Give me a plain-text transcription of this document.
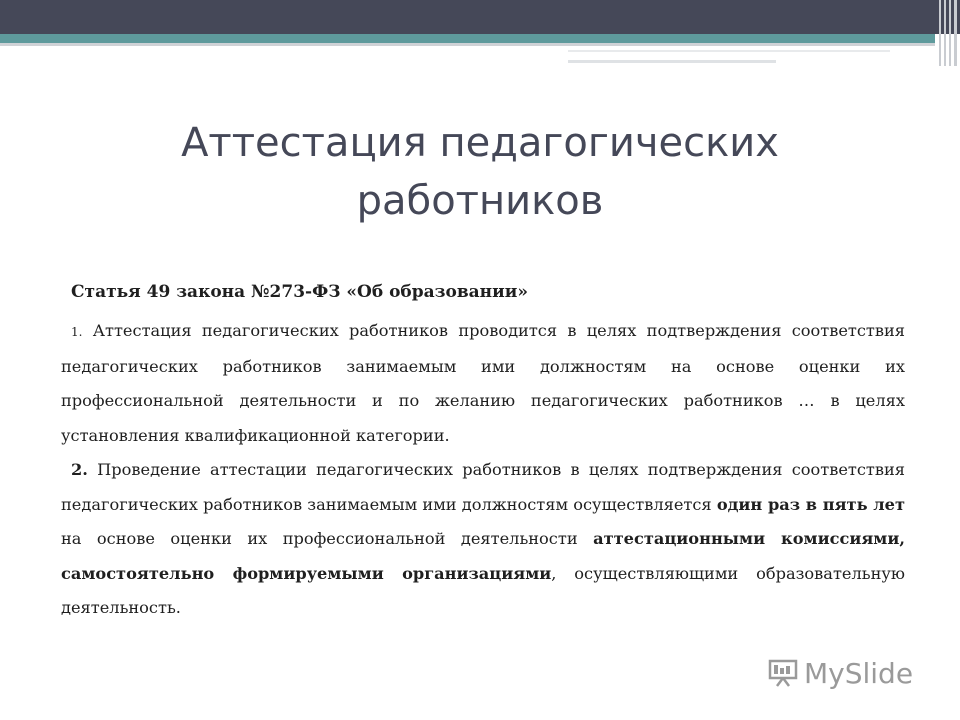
Аттестация педагогических работников

Статья 49 закона №273-ФЗ «Об образовании»

1. Аттестация педагогических работников проводится в целях подтверждения соответствия педагогических работников занимаемым ими должностям на основе оценки их профессиональной деятельности и по желанию педагогических работников … в целях установления квалификационной категории.

2. Проведение аттестации педагогических работников в целях подтверждения соответствия педагогических работников занимаемым ими должностям осуществляется один раз в пять лет на основе оценки их профессиональной деятельности аттестационными комиссиями, самостоятельно формируемыми организациями, осуществляющими образовательную деятельность.

MySlide
